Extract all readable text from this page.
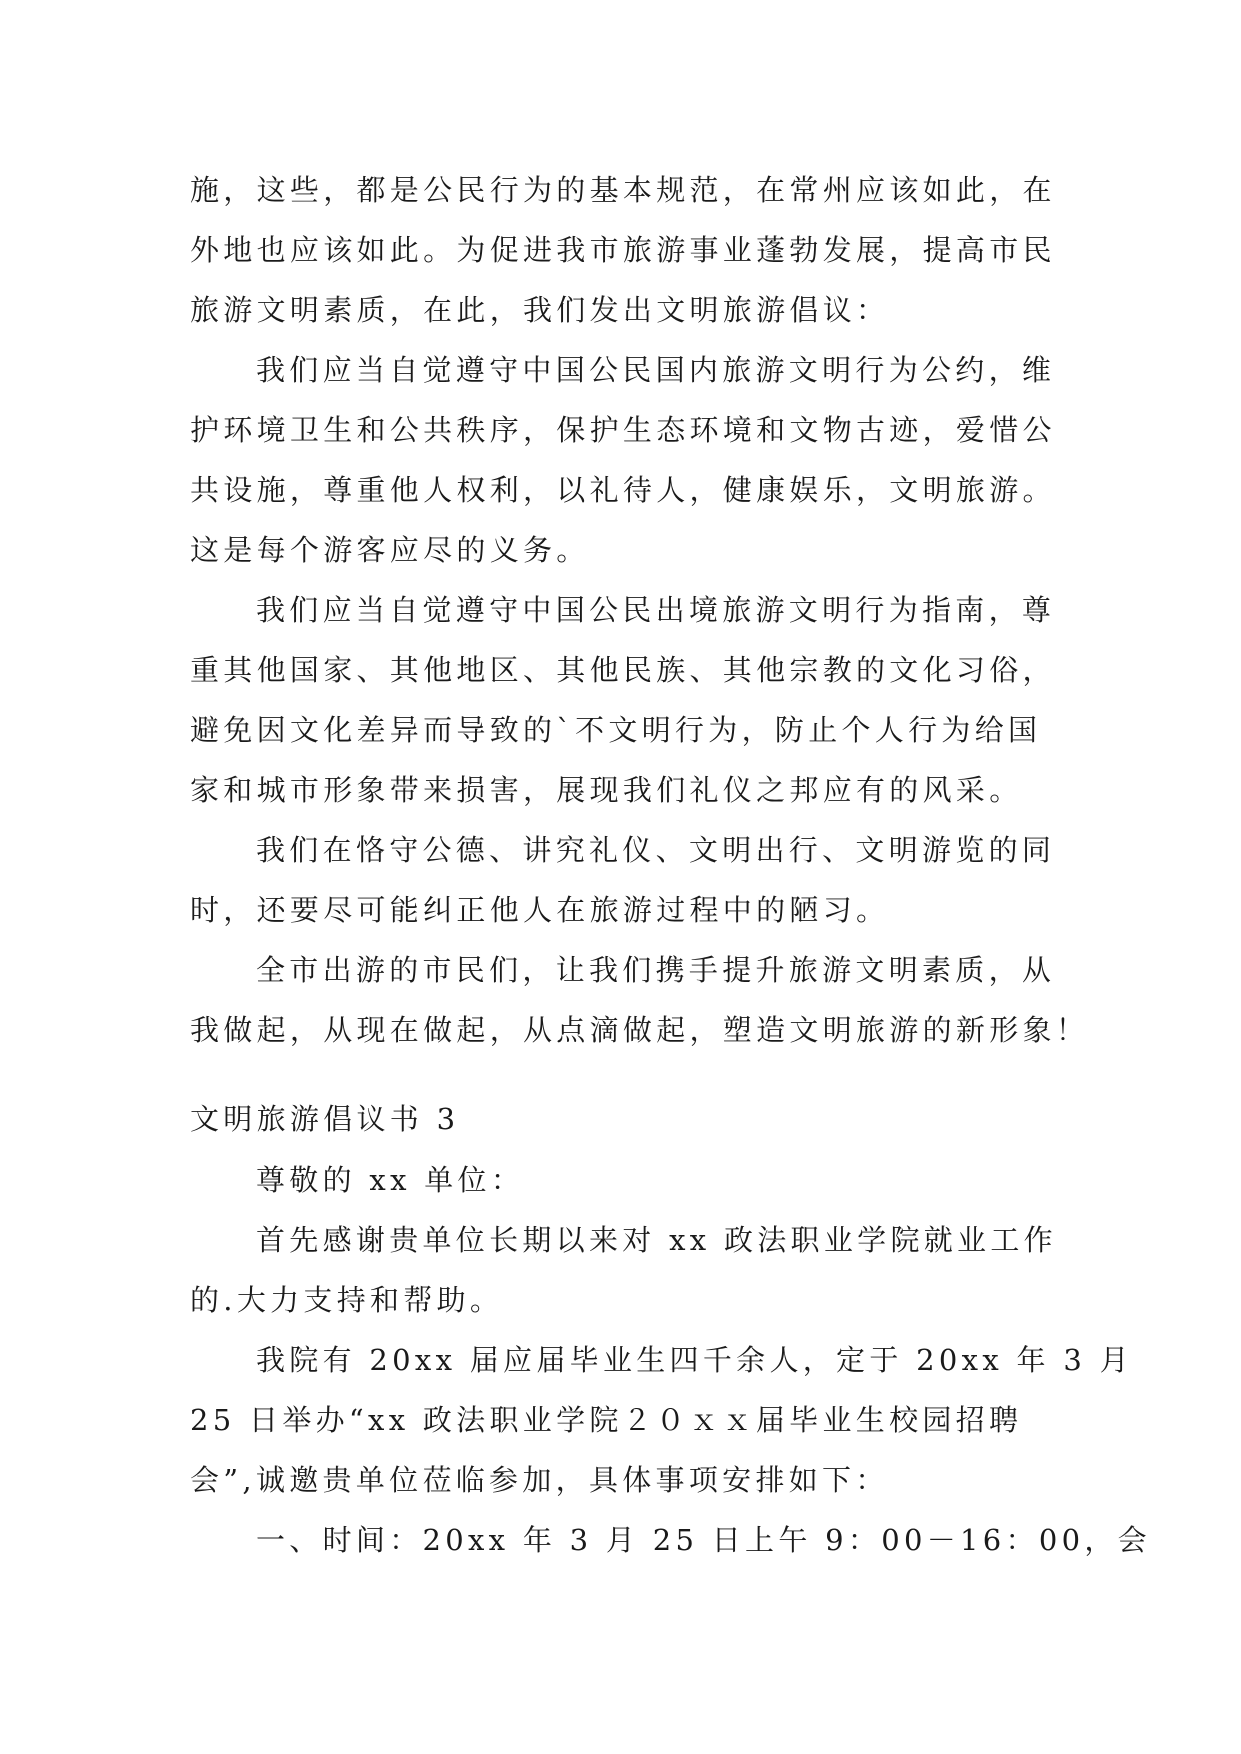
施，这些，都是公民行为的基本规范，在常州应该如此，在
外地也应该如此。为促进我市旅游事业蓬勃发展，提高市民
旅游文明素质，在此，我们发出文明旅游倡议：
我们应当自觉遵守中国公民国内旅游文明行为公约，维
护环境卫生和公共秩序，保护生态环境和文物古迹，爱惜公
共设施，尊重他人权利，以礼待人，健康娱乐，文明旅游。
这是每个游客应尽的义务。
我们应当自觉遵守中国公民出境旅游文明行为指南，尊
重其他国家、其他地区、其他民族、其他宗教的文化习俗，
避免因文化差异而导致的`不文明行为，防止个人行为给国
家和城市形象带来损害，展现我们礼仪之邦应有的风采。
我们在恪守公德、讲究礼仪、文明出行、文明游览的同
时，还要尽可能纠正他人在旅游过程中的陋习。
全市出游的市民们，让我们携手提升旅游文明素质，从
我做起，从现在做起，从点滴做起，塑造文明旅游的新形象！
文明旅游倡议书 3
尊敬的 xx 单位：
首先感谢贵单位长期以来对 xx 政法职业学院就业工作
的.大力支持和帮助。
我院有 20xx 届应届毕业生四千余人，定于 20xx 年 3 月
25 日举办“xx 政法职业学院２０ｘｘ届毕业生校园招聘
会”,诚邀贵单位莅临参加，具体事项安排如下：
一、时间：20xx 年 3 月 25 日上午 9：00－16：00，会
